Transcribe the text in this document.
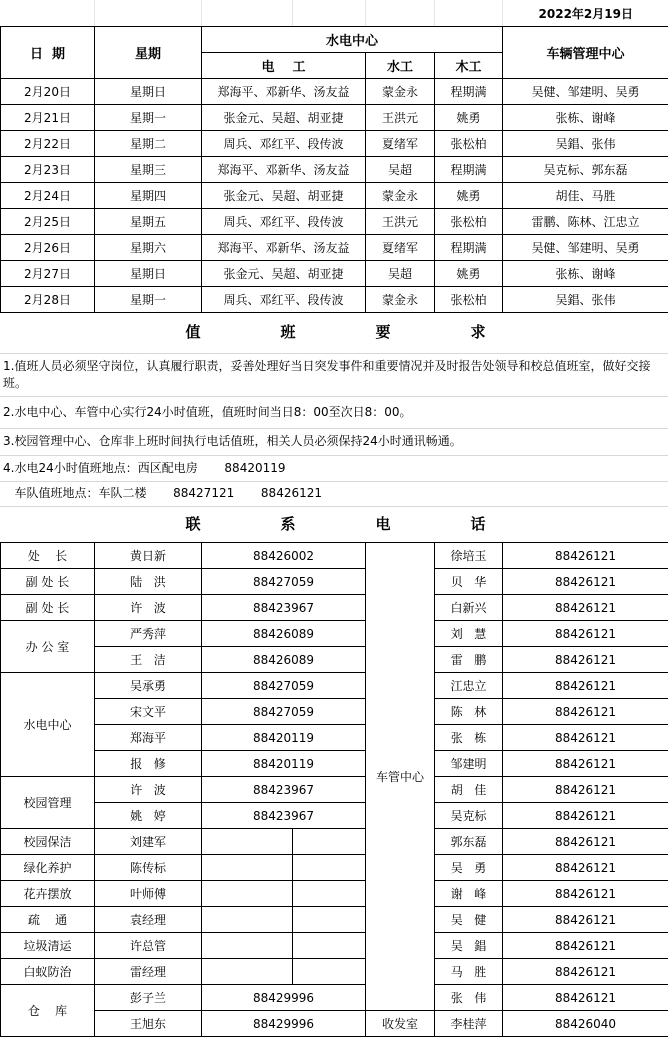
						2022年2月19日
日  期	星期	水电中心				车辆管理中心
		电    工		水工	木工	
2月20日	星期日	郑海平、邓新华、汤友益		蒙金永	程期满	吴健、邹建明、吴勇
2月21日	星期一	张金元、吴超、胡亚捷		王洪元	姚勇	张栋、谢峰
2月22日	星期二	周兵、邓红平、段传波		夏绪军	张松柏	吴錩、张伟
2月23日	星期三	郑海平、邓新华、汤友益		吴超	程期满	吴克标、郭东磊
2月24日	星期四	张金元、吴超、胡亚捷		蒙金永	姚勇	胡佳、马胜
2月25日	星期五	周兵、邓红平、段传波		王洪元	张松柏	雷鹏、陈林、江忠立
2月26日	星期六	郑海平、邓新华、汤友益		夏绪军	程期满	吴健、邹建明、吴勇
2月27日	星期日	张金元、吴超、胡亚捷		吴超	姚勇	张栋、谢峰
2月28日	星期一	周兵、邓红平、段传波		蒙金永	张松柏	吴錩、张伟
值	班	要	求
1.值班人员必须坚守岗位，认真履行职责，妥善处理好当日突发事件和重要情况并及时报告处领导和校总值班室，做好交接班。
2.水电中心、车管中心实行24小时值班，值班时间当日8：00至次日8：00。
3.校园管理中心、仓库非上班时间执行电话值班，相关人员必须保持24小时通讯畅通。
4.水电24小时值班地点：西区配电房       88420119
车队值班地点：车队二楼       88427121       88426121
联	系	电	话
处    长	黄日新	88426002		车管中心	徐培玉	88426121
副 处 长	陆   洪	88427059			贝   华	88426121
副 处 长	许   波	88423967			白新兴	88426121
办 公 室	严秀萍	88426089			刘   慧	88426121
	王   洁	88426089			雷   鹏	88426121
水电中心	吴承勇	88427059			江忠立	88426121
	宋文平	88427059			陈   林	88426121
	郑海平	88420119			张   栋	88426121
	报   修	88420119			邹建明	88426121
校园管理	许   波	88423967			胡   佳	88426121
	姚   婷	88423967			吴克标	88426121
校园保洁	刘建军				郭东磊	88426121
绿化养护	陈传标				吴   勇	88426121
花卉摆放	叶师傅				谢   峰	88426121
疏    通	袁经理				吴   健	88426121
垃圾清运	许总管				吴   錩	88426121
白蚁防治	雷经理				马   胜	88426121
仓    库	彭子兰	88429996			张   伟	88426121
	王旭东	88429996		收发室	李桂萍	88426040
